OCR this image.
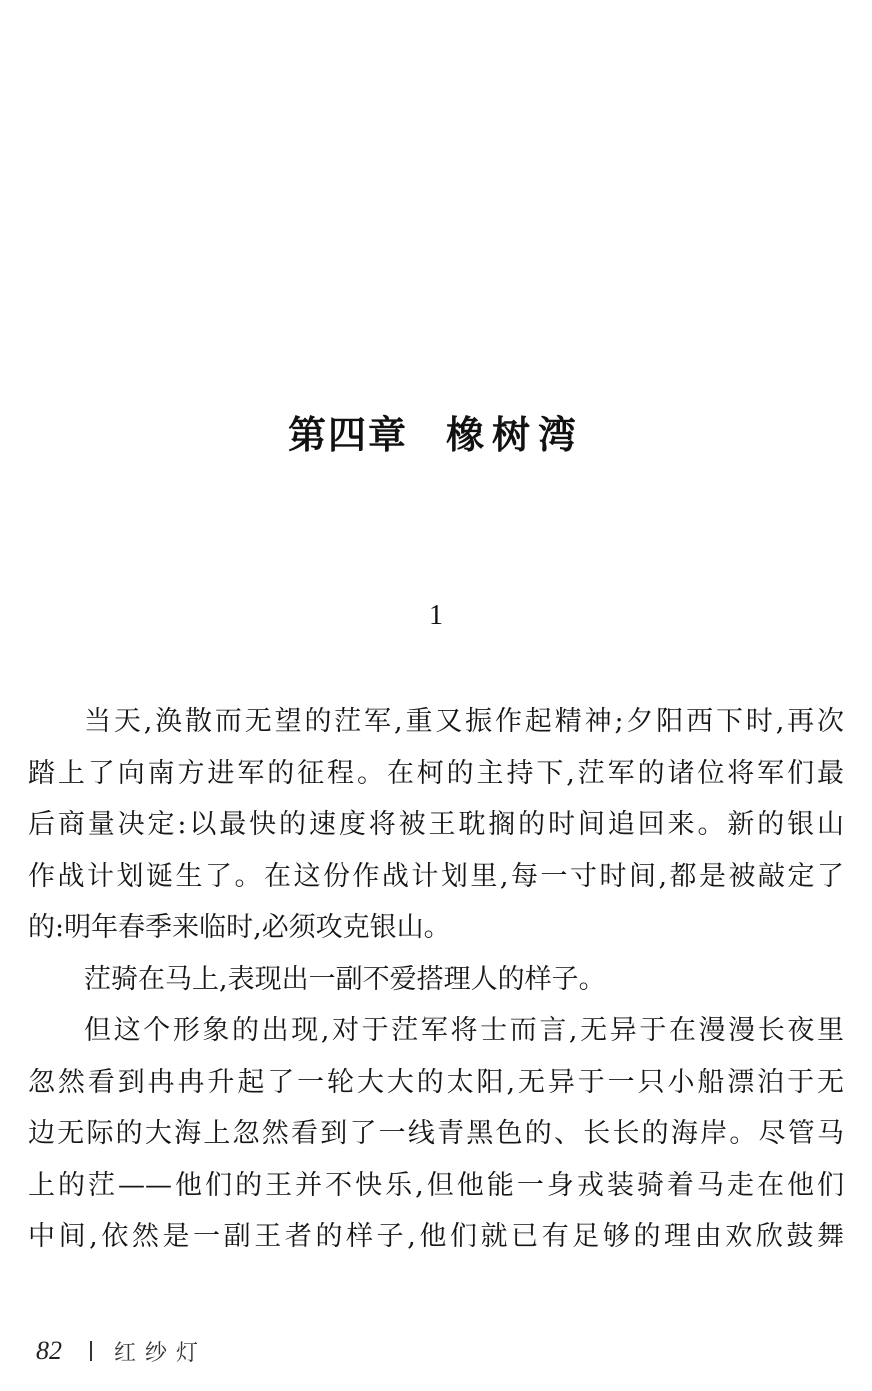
第四章 橡树湾
1
当天,涣散而无望的茳军,重又振作起精神;夕阳西下时,再次
踏上了向南方进军的征程。在柯的主持下,茳军的诸位将军们最
后商量决定:以最快的速度将被王耽搁的时间追回来。新的银山
作战计划诞生了。在这份作战计划里,每一寸时间,都是被敲定了
的:明年春季来临时,必须攻克银山。
茳骑在马上,表现出一副不爱搭理人的样子。
但这个形象的出现,对于茳军将士而言,无异于在漫漫长夜里
忽然看到冉冉升起了一轮大大的太阳,无异于一只小船漂泊于无
边无际的大海上忽然看到了一线青黑色的、长长的海岸。尽管马
上的茳——他们的王并不快乐,但他能一身戎装骑着马走在他们
中间,依然是一副王者的样子,他们就已有足够的理由欢欣鼓舞
82 红纱灯
